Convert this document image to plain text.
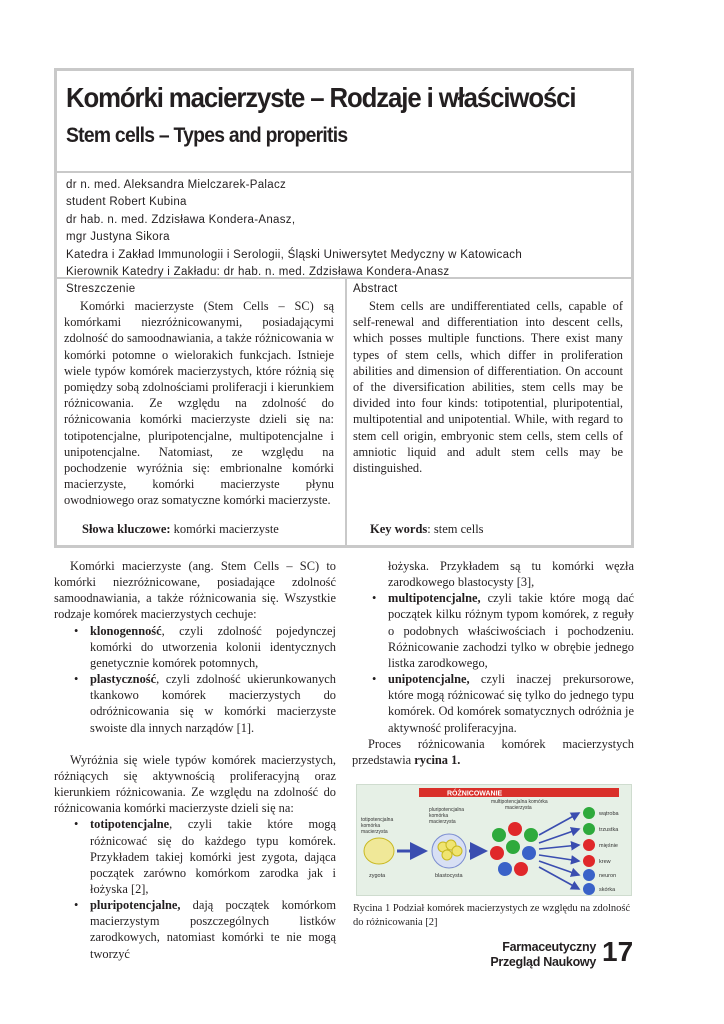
Komórki macierzyste – Rodzaje i właściwości
Stem cells – Types and properitis
dr n. med. Aleksandra Mielczarek-Palacz
student Robert Kubina
dr hab. n. med. Zdzisława Kondera-Anasz,
mgr Justyna Sikora
Katedra i Zakład Immunologii i Serologii, Śląski Uniwersytet Medyczny w Katowicach
Kierownik Katedry i Zakładu: dr hab. n. med. Zdzisława Kondera-Anasz
Streszczenie

Komórki macierzyste (Stem Cells – SC) są komórkami niezróżnicowanymi, posiadającymi zdolność do samoodnawiania, a także różnicowania w komórki potomne o wielorakich funkcjach. Istnieje wiele typów komórek macierzystych, które różnią się pomiędzy sobą zdolnościami proliferacji i kierunkiem różnicowania. Ze względu na zdolność do różnicowania komórki macierzyste dzieli się na: totipotencjalne, pluripotencjalne, multipotencjalne i unipotencjalne. Natomiast, ze względu na pochodzenie wyróżnia się: embrionalne komórki macierzyste, komórki macierzyste płynu owodniowego oraz somatyczne komórki macierzyste.

Słowa kluczowe: komórki macierzyste
Abstract

Stem cells are undifferentiated cells, capable of self-renewal and differentiation into descent cells, which posses multiple functions. There exist many types of stem cells, which differ in proliferation abilities and dimension of differentiation. On account of the diversification abilities, stem cells may be divided into four kinds: totipotential, pluripotential, multipotential and unipotential. While, with regard to stem cell origin, embryonic stem cells, stem cells of amniotic liquid and adult stem cells may be distinguished.

Key words: stem cells

Komórki macierzyste (ang. Stem Cells – SC) to komórki niezróżnicowane, posiadające zdolność samoodnawiania, a także różnicowania się. Wszystkie rodzaje komórek macierzystych cechuje:

• klonogenność, czyli zdolność pojedynczej komórki do utworzenia kolonii identycznych genetycznie komórek potomnych,
• plastyczność, czyli zdolność ukierunkowanych tkankowo komórek macierzystych do odróżnicowania się w komórki macierzyste swoiste dla innych narządów [1].

Wyróżnia się wiele typów komórek macierzystych, różniących się aktywnością proliferacyjną oraz kierunkiem różnicowania. Ze względu na zdolność do różnicowania komórki macierzyste dzieli się na:

• totipotencjalne, czyli takie które mogą różnicować się do każdego typu komórek. Przykładem takiej komórki jest zygota, dająca początek zarówno komórkom zarodka jak i łożyska [2],
• pluripotencjalne, dają początek komórkom macierzystym poszczególnych listków zarodkowych, natomiast komórki te nie mogą tworzyć
łożyska. Przykładem są tu komórki węzła zarodkowego blastocysty [3],
• multipotencjalne, czyli takie które mogą dać początek kilku różnym typom komórek, z reguły o podobnych właściwościach i pochodzeniu. Różnicowanie zachodzi tylko w obrębie jednego listka zarodkowego,
• unipotencjalne, czyli inaczej prekursorowe, które mogą różnicować się tylko do jednego typu komórek. Od komórek somatycznych odróżnia je aktywność proliferacyjna.

Proces różnicowania komórek macierzystych przedstawia rycina 1.

RÓŻNICOWANIE
totipotencjalna komórka macierzysta
pluripotencjalna komórka macierzysta
multipotencjalna komórka macierzysta
zygota	blastocysta
wątroba
trzustka
mięśnie
krew
neuron
skórka
Rycina 1 Podział komórek macierzystych ze względu na zdolność do różnicowania [2]
Farmaceutyczny
Przegląd Naukowy 17
